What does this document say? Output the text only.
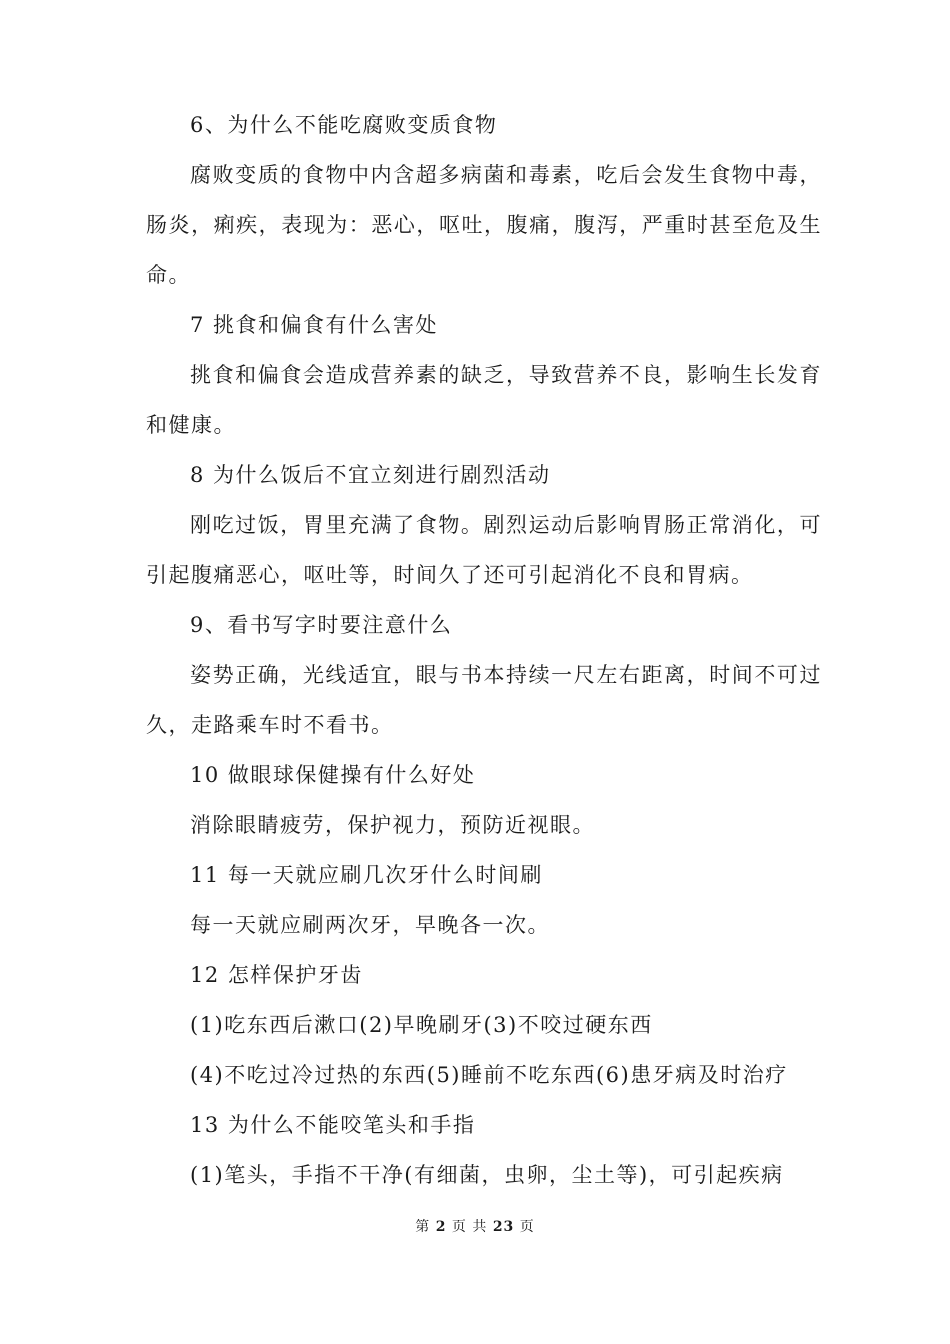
6、为什么不能吃腐败变质食物

腐败变质的食物中内含超多病菌和毒素，吃后会发生食物中毒，肠炎，痢疾，表现为：恶心，呕吐，腹痛，腹泻，严重时甚至危及生命。

7 挑食和偏食有什么害处

挑食和偏食会造成营养素的缺乏，导致营养不良，影响生长发育和健康。

8 为什么饭后不宜立刻进行剧烈活动

刚吃过饭，胃里充满了食物。剧烈运动后影响胃肠正常消化，可引起腹痛恶心，呕吐等，时间久了还可引起消化不良和胃病。

9、看书写字时要注意什么

姿势正确，光线适宜，眼与书本持续一尺左右距离，时间不可过久，走路乘车时不看书。

10 做眼球保健操有什么好处

消除眼睛疲劳，保护视力，预防近视眼。

11 每一天就应刷几次牙什么时间刷

每一天就应刷两次牙，早晚各一次。

12 怎样保护牙齿

(1)吃东西后漱口(2)早晚刷牙(3)不咬过硬东西

(4)不吃过冷过热的东西(5)睡前不吃东西(6)患牙病及时治疗

13 为什么不能咬笔头和手指

(1)笔头，手指不干净(有细菌，虫卵，尘土等)，可引起疾病

第 2 页 共 23 页
